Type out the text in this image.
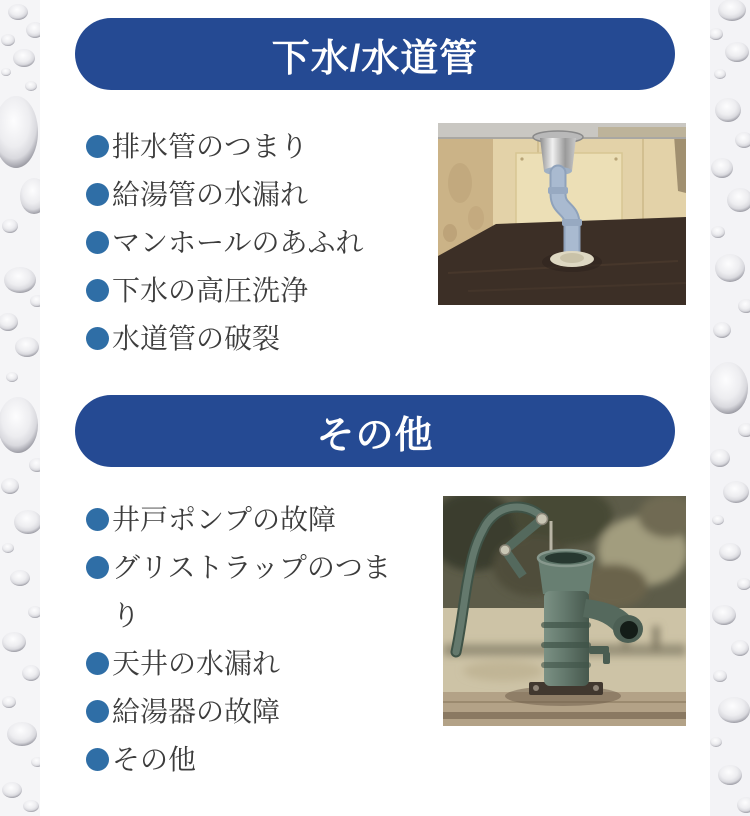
下水/水道管
排水管のつまり
給湯管の水漏れ
マンホールのあふれ
下水の高圧洗浄
水道管の破裂
その他
井戸ポンプの故障
グリストラップのつまり
天井の水漏れ
給湯器の故障
その他
